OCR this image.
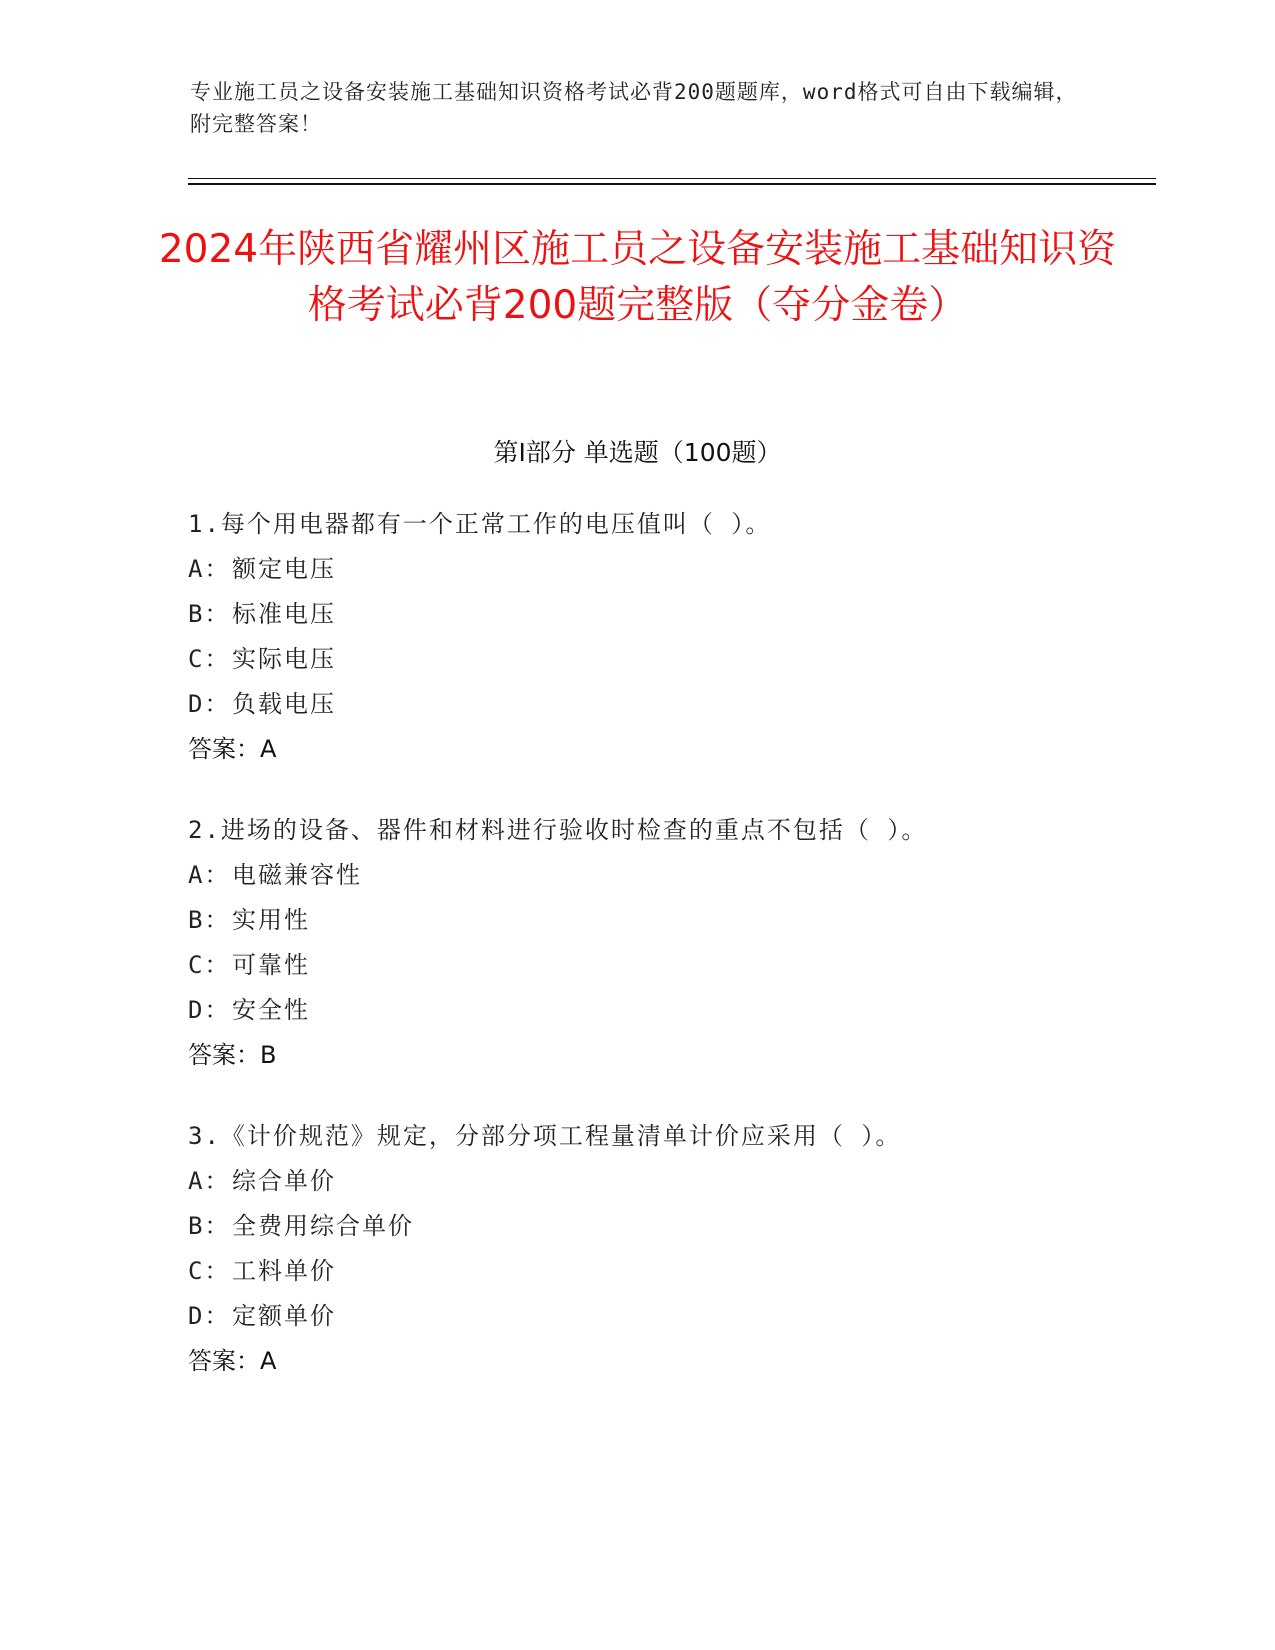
专业施工员之设备安装施工基础知识资格考试必背200题题库，word格式可自由下载编辑，附完整答案！
2024年陕西省耀州区施工员之设备安装施工基础知识资格考试必背200题完整版（夺分金卷）
第Ⅰ部分 单选题（100题）
1.每个用电器都有一个正常工作的电压值叫（ ）。
A：额定电压
B：标准电压
C：实际电压
D：负载电压
答案：A
2.进场的设备、器件和材料进行验收时检查的重点不包括（ ）。
A：电磁兼容性
B：实用性
C：可靠性
D：安全性
答案：B
3.《计价规范》规定，分部分项工程量清单计价应采用（ ）。
A：综合单价
B：全费用综合单价
C：工料单价
D：定额单价
答案：A
